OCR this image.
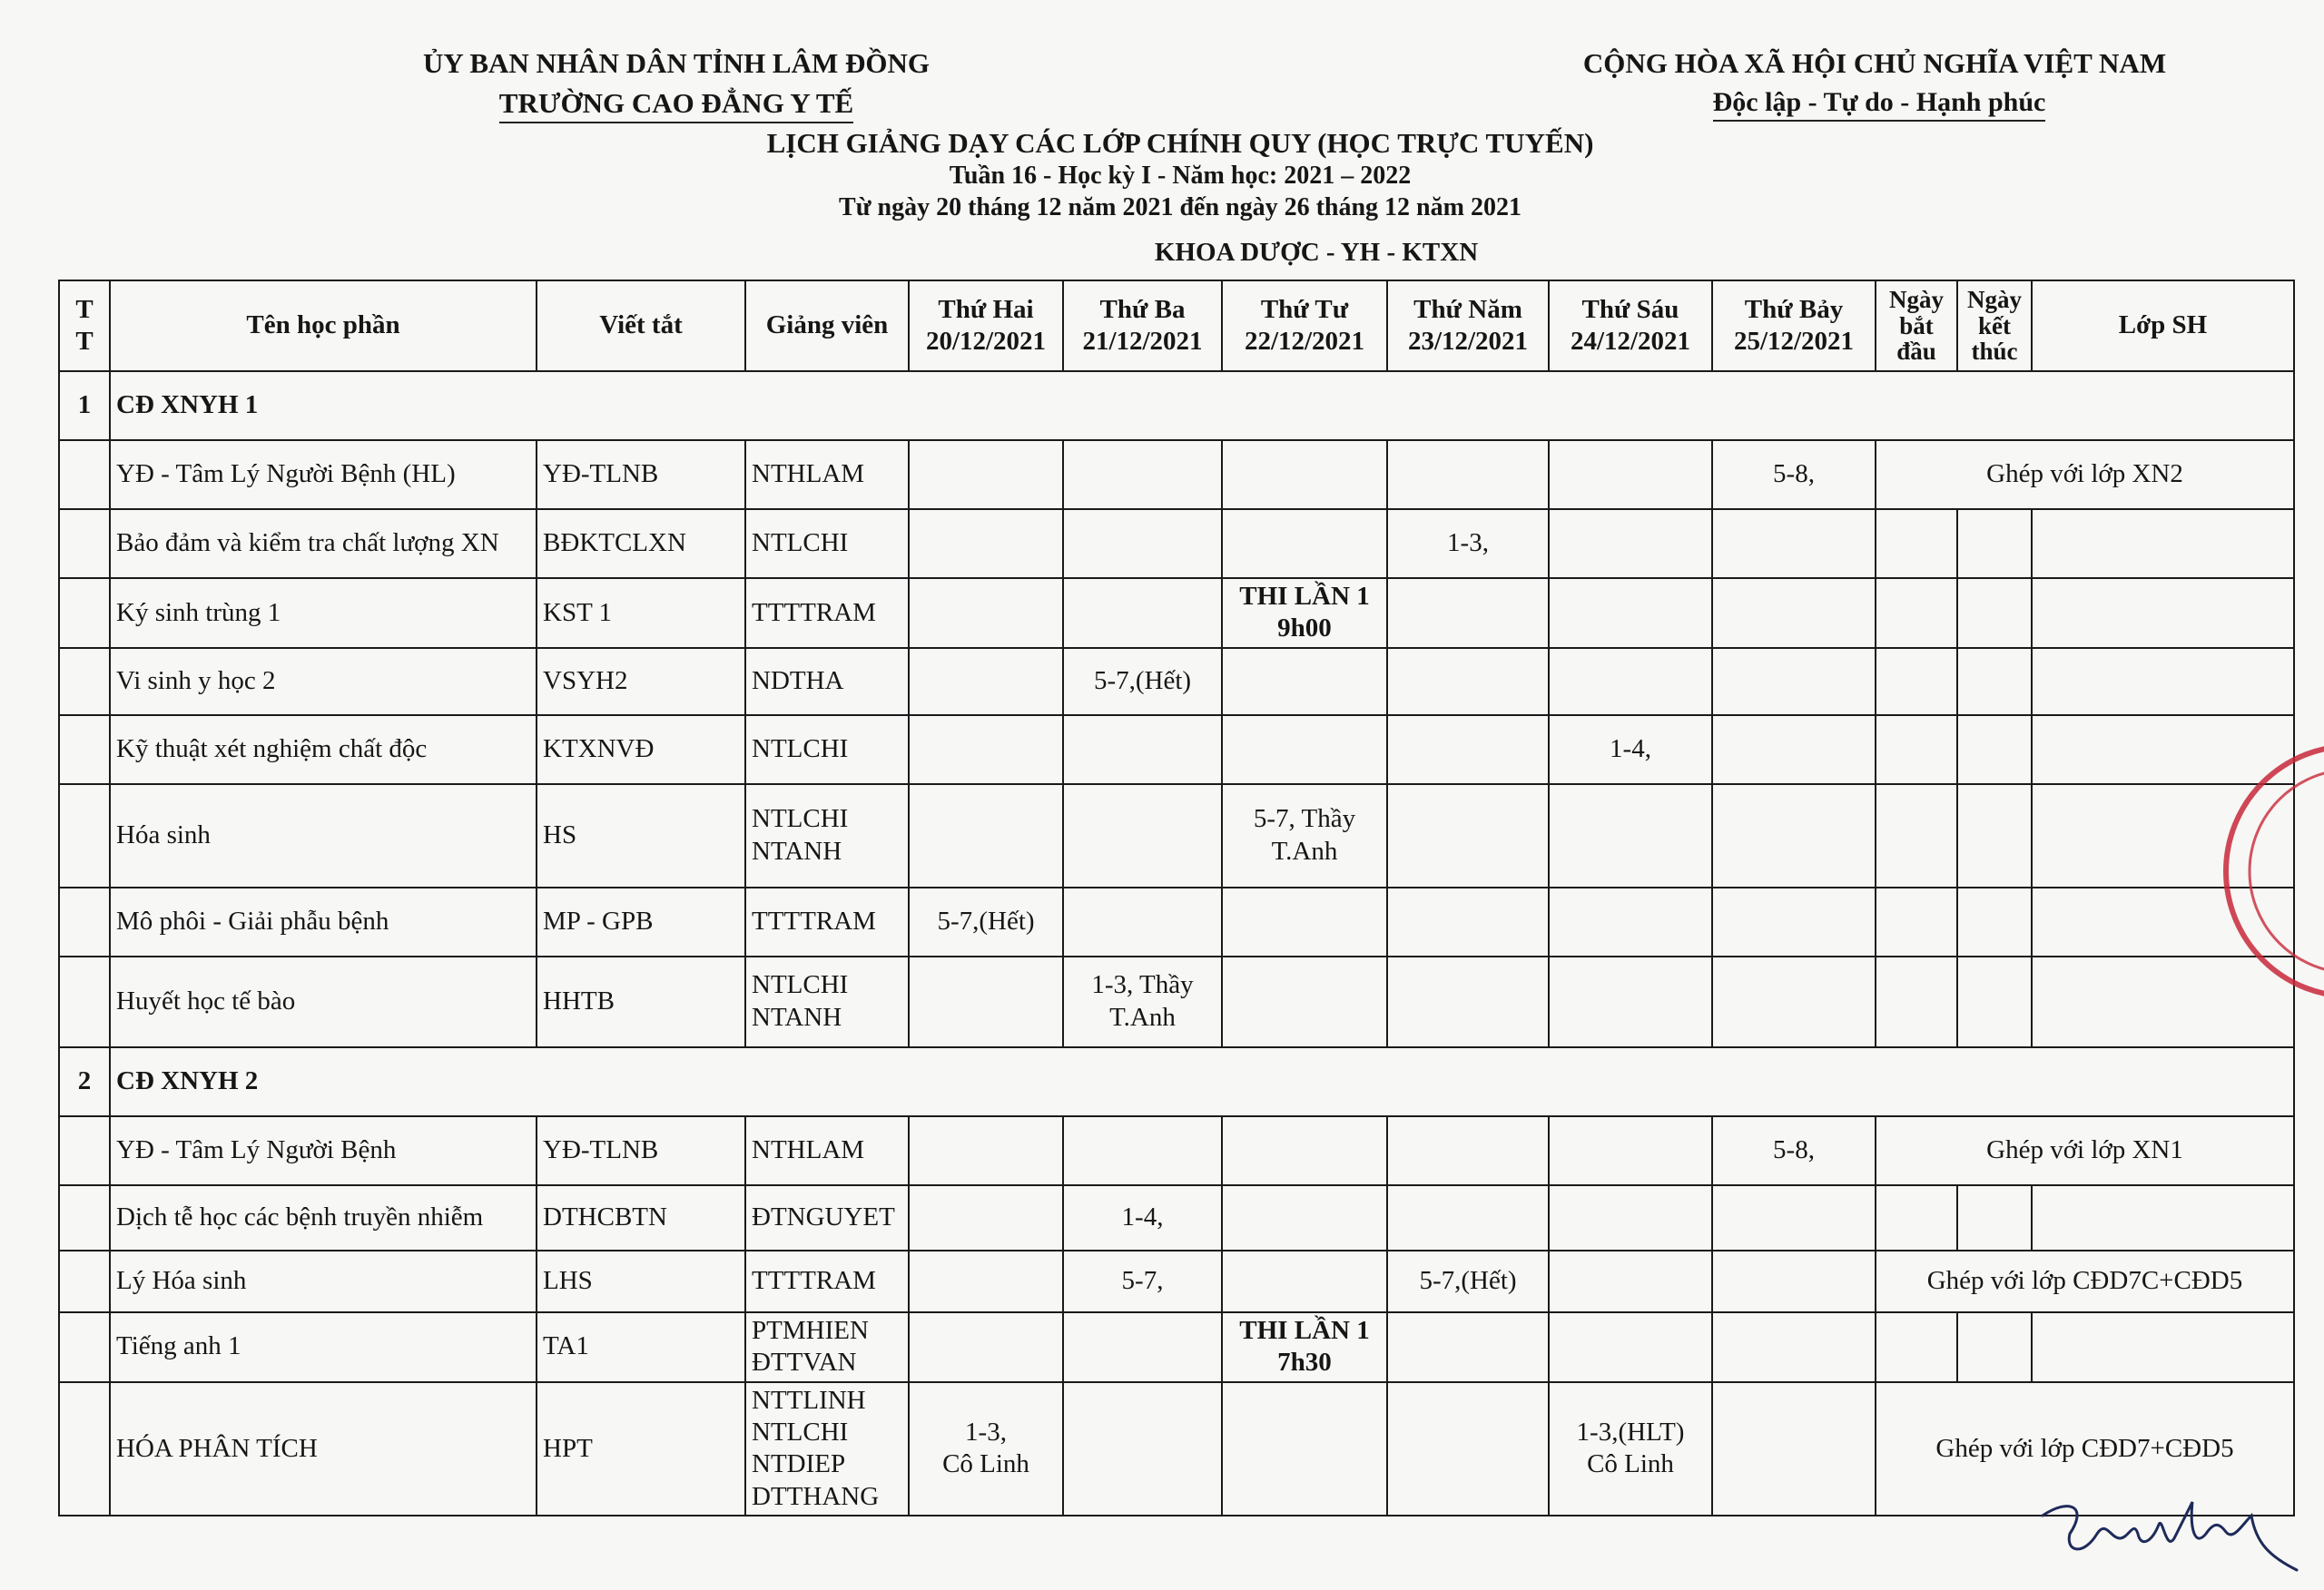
ỦY BAN NHÂN DÂN TỈNH LÂM ĐỒNG
TRƯỜNG CAO ĐẲNG Y TẾ
CỘNG HÒA XÃ HỘI CHỦ NGHĨA VIỆT NAM
Độc lập - Tự do - Hạnh phúc
LỊCH GIẢNG DẠY CÁC LỚP CHÍNH QUY (HỌC TRỰC TUYẾN)
Tuần 16 - Học kỳ I - Năm học: 2021 – 2022
Từ ngày 20 tháng 12 năm 2021 đến ngày 26 tháng 12 năm 2021
KHOA DƯỢC - YH - KTXN
T
T	Tên học phần	Viết tắt	Giảng viên	Thứ Hai
20/12/2021	Thứ Ba
21/12/2021	Thứ Tư
22/12/2021	Thứ Năm
23/12/2021	Thứ Sáu
24/12/2021	Thứ Bảy
25/12/2021	Ngày
bắt
đầu	Ngày
kết
thúc	Lớp SH
1	CĐ XNYH 1											
	YĐ - Tâm Lý Người Bệnh (HL)	YĐ-TLNB	NTHLAM						5-8,	Ghép với lớp XN2		
	Bảo đảm và kiểm tra chất lượng XN	BĐKTCLXN	NTLCHI				1-3,					
	Ký sinh trùng 1	KST 1	TTTTRAM			THI LẦN 1
9h00						
	Vi sinh y học 2	VSYH2	NDTHA		5-7,(Hết)							
	Kỹ thuật xét nghiệm chất độc	KTXNVĐ	NTLCHI					1-4,				
	Hóa sinh	HS	NTLCHI
NTANH			5-7, Thầy
T.Anh						
	Mô phôi - Giải phẫu bệnh	MP - GPB	TTTTRAM	5-7,(Hết)								
	Huyết học tế bào	HHTB	NTLCHI
NTANH		1-3, Thầy
T.Anh							
2	CĐ XNYH 2											
	YĐ - Tâm Lý Người Bệnh	YĐ-TLNB	NTHLAM						5-8,	Ghép với lớp XN1		
	Dịch tễ học các bệnh truyền nhiễm	DTHCBTN	ĐTNGUYET		1-4,							
	Lý Hóa sinh	LHS	TTTTRAM		5-7,		5-7,(Hết)			Ghép với lớp CĐD7C+CĐD5		
	Tiếng anh 1	TA1	PTMHIEN
ĐTTVAN			THI LẦN 1
7h30						
	HÓA PHÂN TÍCH	HPT	NTTLINH
NTLCHI
NTDIEP
DTTHANG	1-3,
Cô Linh				1-3,(HLT)
Cô Linh		Ghép với lớp CĐD7+CĐD5		
